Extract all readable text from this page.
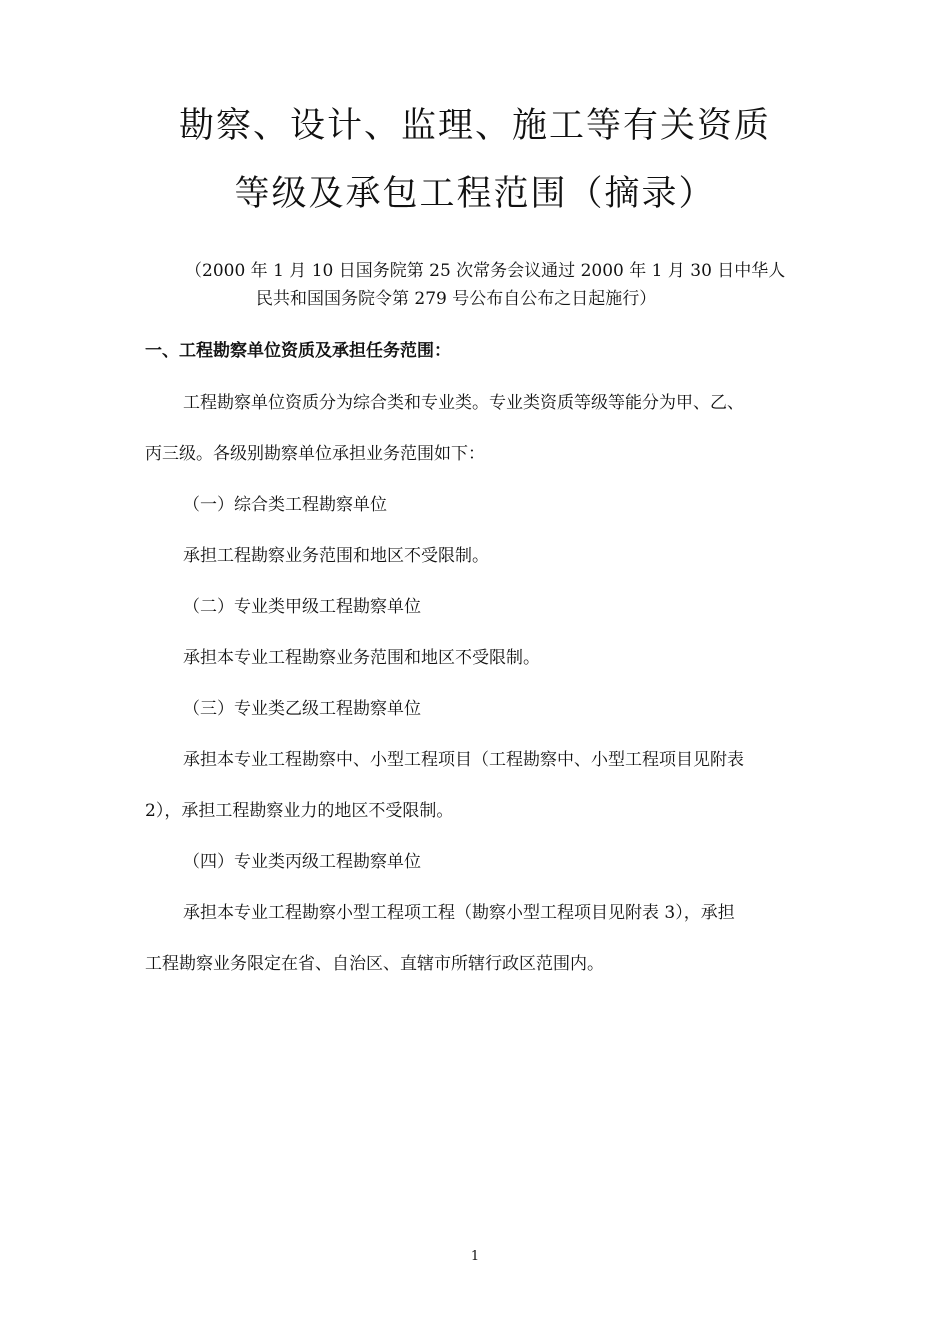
勘察、设计、监理、施工等有关资质
等级及承包工程范围（摘录）
（2000 年 1 月 10 日国务院第 25 次常务会议通过 2000 年 1 月 30 日中华人
民共和国国务院令第 279 号公布自公布之日起施行）
一、工程勘察单位资质及承担任务范围：
工程勘察单位资质分为综合类和专业类。专业类资质等级等能分为甲、乙、
丙三级。各级别勘察单位承担业务范围如下：
（一）综合类工程勘察单位
承担工程勘察业务范围和地区不受限制。
（二）专业类甲级工程勘察单位
承担本专业工程勘察业务范围和地区不受限制。
（三）专业类乙级工程勘察单位
承担本专业工程勘察中、小型工程项目（工程勘察中、小型工程项目见附表
2），承担工程勘察业力的地区不受限制。
（四）专业类丙级工程勘察单位
承担本专业工程勘察小型工程项工程（勘察小型工程项目见附表 3），承担
工程勘察业务限定在省、自治区、直辖市所辖行政区范围内。
1
